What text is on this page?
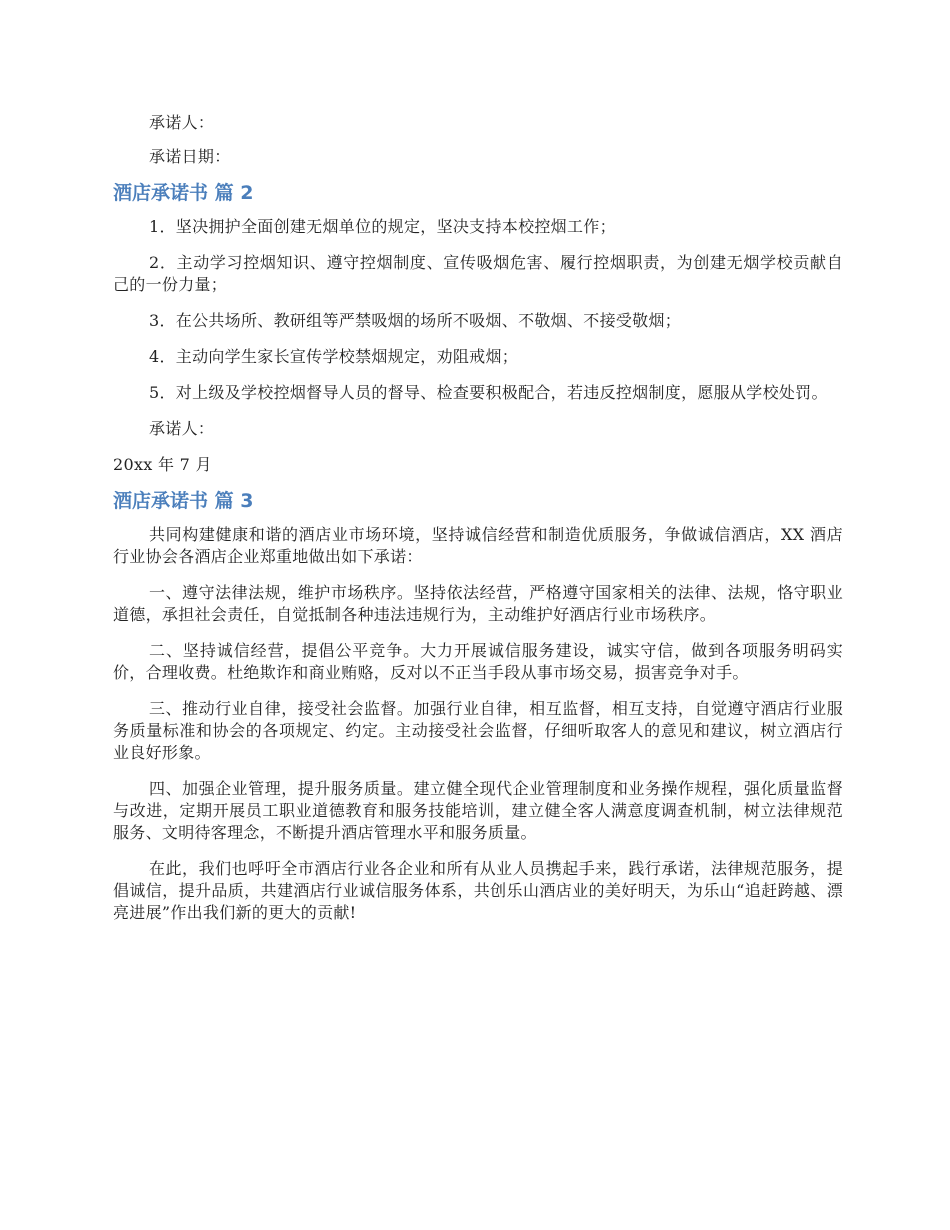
承诺人：

承诺日期：

酒店承诺书 篇 2

1．坚决拥护全面创建无烟单位的规定，坚决支持本校控烟工作；

2．主动学习控烟知识、遵守控烟制度、宣传吸烟危害、履行控烟职责，为创建无烟学校贡献自己的一份力量；

3．在公共场所、教研组等严禁吸烟的场所不吸烟、不敬烟、不接受敬烟；

4．主动向学生家长宣传学校禁烟规定，劝阻戒烟；

5．对上级及学校控烟督导人员的督导、检查要积极配合，若违反控烟制度，愿服从学校处罚。

承诺人：

20xx 年 7 月

酒店承诺书 篇 3

共同构建健康和谐的酒店业市场环境，坚持诚信经营和制造优质服务，争做诚信酒店，XX 酒店行业协会各酒店企业郑重地做出如下承诺：

一、遵守法律法规，维护市场秩序。坚持依法经营，严格遵守国家相关的法律、法规，恪守职业道德，承担社会责任，自觉抵制各种违法违规行为，主动维护好酒店行业市场秩序。

二、坚持诚信经营，提倡公平竞争。大力开展诚信服务建设，诚实守信，做到各项服务明码实价，合理收费。杜绝欺诈和商业贿赂，反对以不正当手段从事市场交易，损害竞争对手。

三、推动行业自律，接受社会监督。加强行业自律，相互监督，相互支持，自觉遵守酒店行业服务质量标准和协会的各项规定、约定。主动接受社会监督，仔细听取客人的意见和建议，树立酒店行业良好形象。

四、加强企业管理，提升服务质量。建立健全现代企业管理制度和业务操作规程，强化质量监督与改进，定期开展员工职业道德教育和服务技能培训，建立健全客人满意度调查机制，树立法律规范服务、文明待客理念，不断提升酒店管理水平和服务质量。

在此，我们也呼吁全市酒店行业各企业和所有从业人员携起手来，践行承诺，法律规范服务，提倡诚信，提升品质，共建酒店行业诚信服务体系，共创乐山酒店业的美好明天，为乐山“追赶跨越、漂亮进展”作出我们新的更大的贡献!
